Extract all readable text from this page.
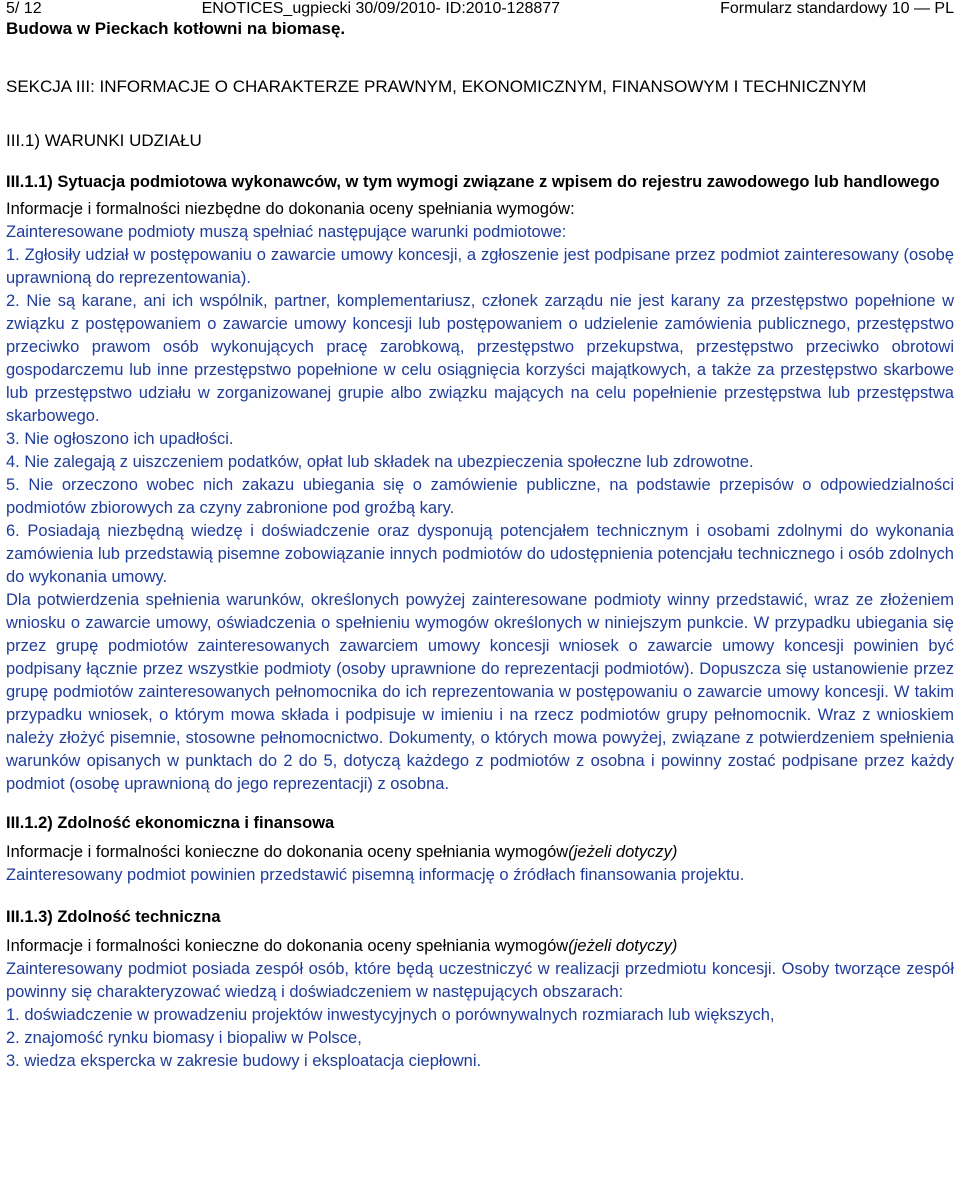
5/ 12	ENOTICES_ugpiecki 30/09/2010- ID:2010-128877	Formularz standardowy 10 — PL
Budowa w Pieckach kotłowni na biomasę.
SEKCJA III: INFORMACJE O CHARAKTERZE PRAWNYM, EKONOMICZNYM, FINANSOWYM I TECHNICZNYM
III.1) WARUNKI UDZIAŁU
III.1.1) Sytuacja podmiotowa wykonawców, w tym wymogi związane z wpisem do rejestru zawodowego lub handlowego

Informacje i formalności niezbędne do dokonania oceny spełniania wymogów:

Zainteresowane podmioty muszą spełniać następujące warunki podmiotowe:

1. Zgłosiły udział w postępowaniu o zawarcie umowy koncesji, a zgłoszenie jest podpisane przez podmiot zainteresowany (osobę uprawnioną do reprezentowania).

2. Nie są karane, ani ich wspólnik, partner, komplementariusz, członek zarządu nie jest karany za przestępstwo popełnione w związku z postępowaniem o zawarcie umowy koncesji lub postępowaniem o udzielenie zamówienia publicznego, przestępstwo przeciwko prawom osób wykonujących pracę zarobkową, przestępstwo przekupstwa, przestępstwo przeciwko obrotowi gospodarczemu lub inne przestępstwo popełnione w celu osiągnięcia korzyści majątkowych, a także za przestępstwo skarbowe lub przestępstwo udziału w zorganizowanej grupie albo związku mających na celu popełnienie przestępstwa lub przestępstwa skarbowego.

3. Nie ogłoszono ich upadłości.

4. Nie zalegają z uiszczeniem podatków, opłat lub składek na ubezpieczenia społeczne lub zdrowotne.

5. Nie orzeczono wobec nich zakazu ubiegania się o zamówienie publiczne, na podstawie przepisów o odpowiedzialności podmiotów zbiorowych za czyny zabronione pod groźbą kary.

6. Posiadają niezbędną wiedzę i doświadczenie oraz dysponują potencjałem technicznym i osobami zdolnymi do wykonania zamówienia lub przedstawią pisemne zobowiązanie innych podmiotów do udostępnienia potencjału technicznego i osób zdolnych do wykonania umowy.

Dla potwierdzenia spełnienia warunków, określonych powyżej zainteresowane podmioty winny przedstawić, wraz ze złożeniem wniosku o zawarcie umowy, oświadczenia o spełnieniu wymogów określonych w niniejszym punkcie. W przypadku ubiegania się przez grupę podmiotów zainteresowanych zawarciem umowy koncesji wniosek o zawarcie umowy koncesji powinien być podpisany łącznie przez wszystkie podmioty (osoby uprawnione do reprezentacji podmiotów). Dopuszcza się ustanowienie przez grupę podmiotów zainteresowanych pełnomocnika do ich reprezentowania w postępowaniu o zawarcie umowy koncesji. W takim przypadku wniosek, o którym mowa składa i podpisuje w imieniu i na rzecz podmiotów grupy pełnomocnik. Wraz z wnioskiem należy złożyć pisemnie, stosowne pełnomocnictwo. Dokumenty, o których mowa powyżej, związane z potwierdzeniem spełnienia warunków opisanych w punktach do 2 do 5, dotyczą każdego z podmiotów z osobna i powinny zostać podpisane przez każdy podmiot (osobę uprawnioną do jego reprezentacji) z osobna.

III.1.2) Zdolność ekonomiczna i finansowa
Informacje i formalności konieczne do dokonania oceny spełniania wymogów(jeżeli dotyczy)

Zainteresowany podmiot powinien przedstawić pisemną informację o źródłach finansowania projektu.

III.1.3) Zdolność techniczna
Informacje i formalności konieczne do dokonania oceny spełniania wymogów(jeżeli dotyczy)

Zainteresowany podmiot posiada zespół osób, które będą uczestniczyć w realizacji przedmiotu koncesji. Osoby tworzące zespół powinny się charakteryzować wiedzą i doświadczeniem w następujących obszarach:

1. doświadczenie w prowadzeniu projektów inwestycyjnych o porównywalnych rozmiarach lub większych,

2. znajomość rynku biomasy i biopaliw w Polsce,

3. wiedza ekspercka w zakresie budowy i eksploatacja ciepłowni.
